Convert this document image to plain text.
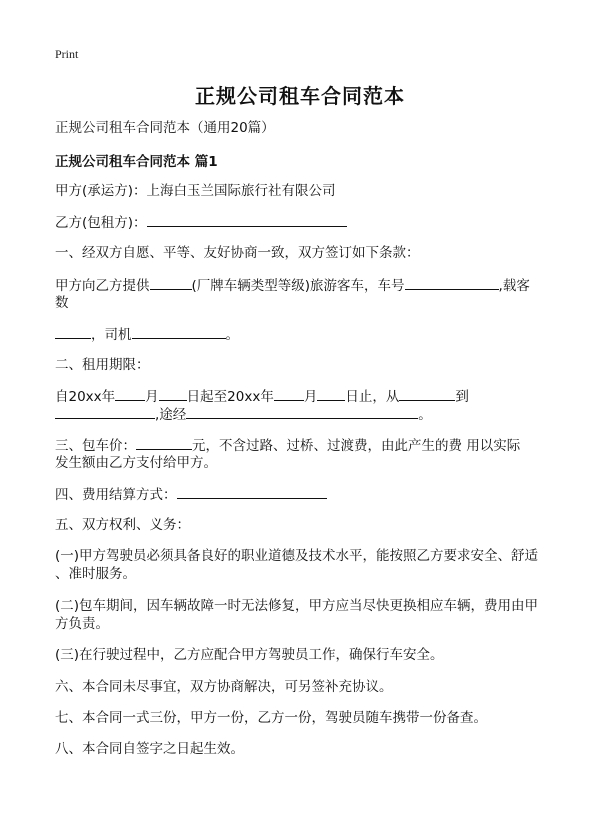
Print
正规公司租车合同范本
正规公司租车合同范本（通用20篇）
正规公司租车合同范本 篇1
甲方(承运方)：上海白玉兰国际旅行社有限公司
乙方(包租方)：
一、经双方自愿、平等、友好协商一致，双方签订如下条款：
甲方向乙方提供	(厂牌车辆类型等级)旅游客车，车号	,载客
数
，司机	。
二、租用期限：
自20xx年 月 日起至20xx年 月 日止，从	到
,途经	。
三、包车价：	元，不含过路、过桥、过渡费，由此产生的费 用以实际
发生额由乙方支付给甲方。
四、费用结算方式：
五、双方权利、义务：
(一)甲方驾驶员必须具备良好的职业道德及技术水平，能按照乙方要求安全、舒适
、准时服务。
(二)包车期间，因车辆故障一时无法修复，甲方应当尽快更换相应车辆，费用由甲
方负责。
(三)在行驶过程中，乙方应配合甲方驾驶员工作，确保行车安全。
六、本合同未尽事宜，双方协商解决，可另签补充协议。
七、本合同一式三份，甲方一份，乙方一份，驾驶员随车携带一份备查。
八、本合同自签字之日起生效。
